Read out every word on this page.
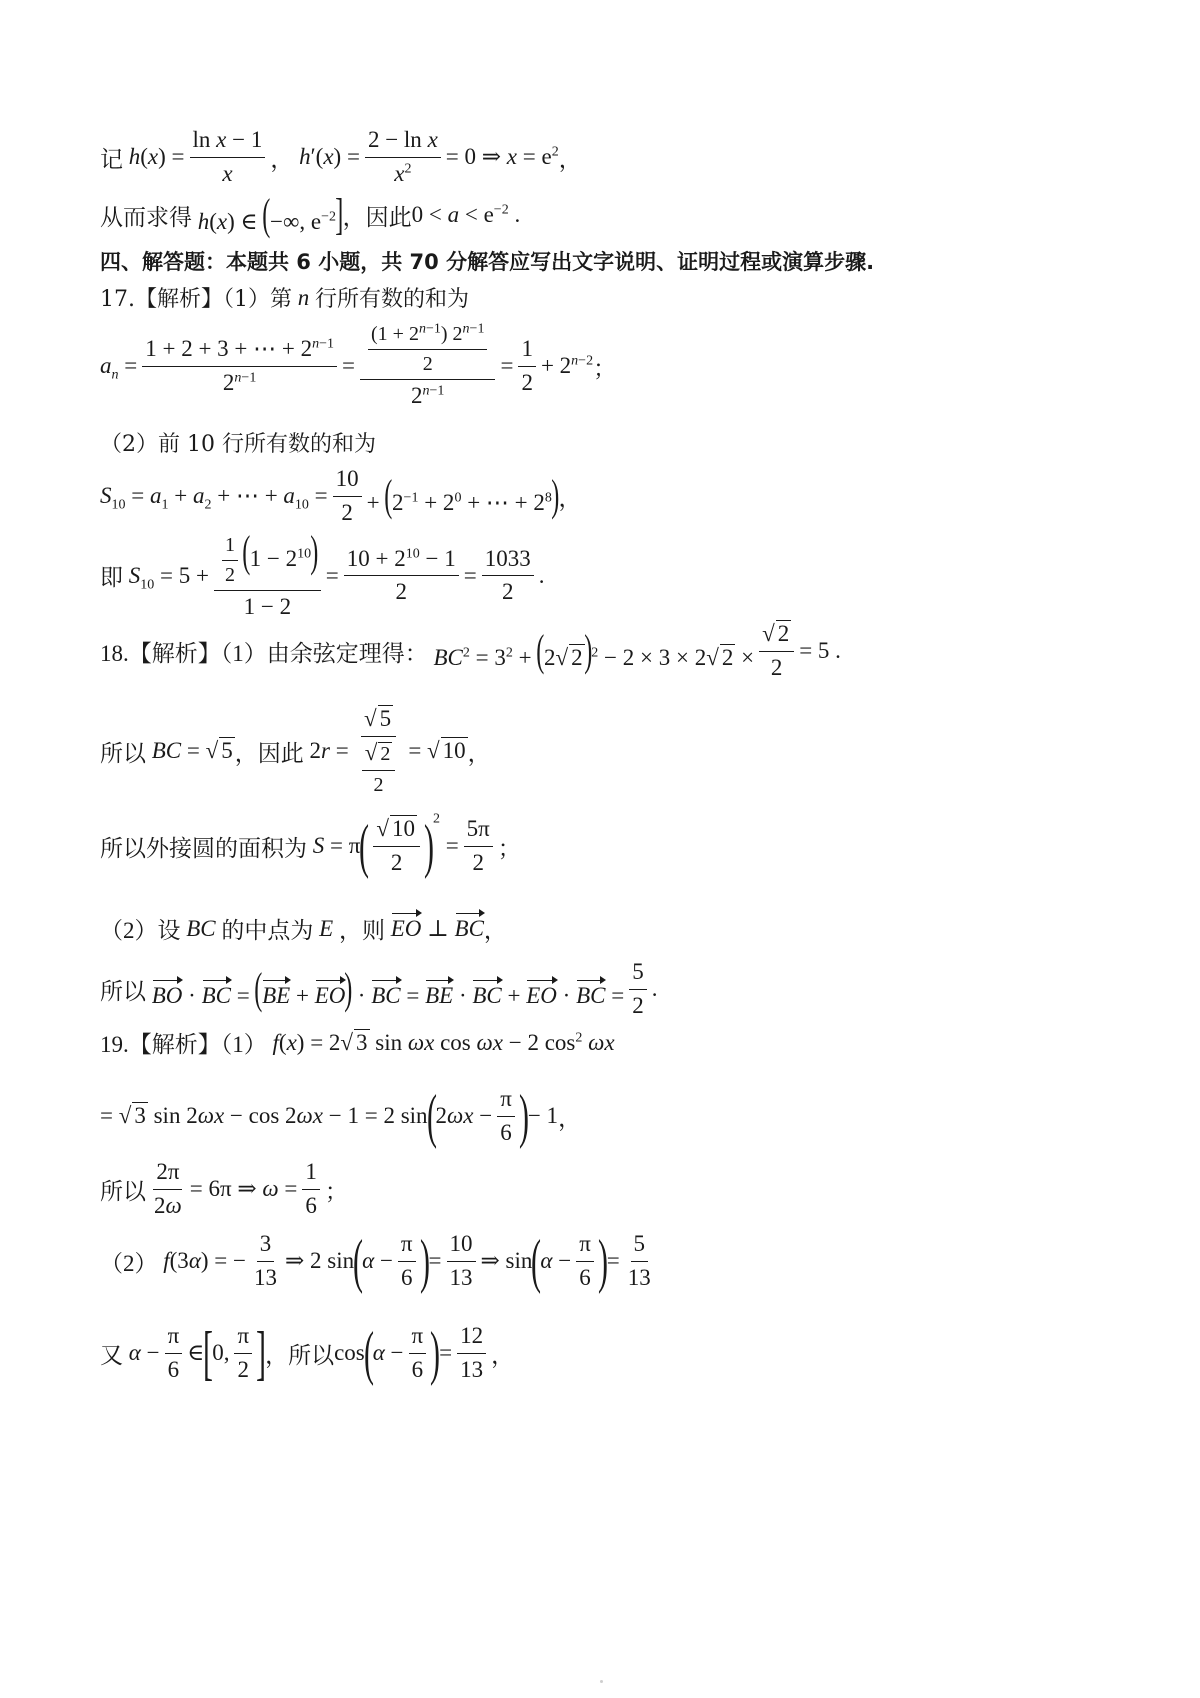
记 $h(x) = \frac{\text{ln x − 1}}{x}$ ， $h'(x) = \frac{\text{2 − ln x}}{x^2} = 0$ ⇒ $x = e^2$ ，
从而求得 h(x) ∈ (−∞, $e^{-2}$] ， 因此 $0 < a < e^{-2}$ .
四、解答题：本题共 6 小题，共 70 分解答应写出文字说明、证明过程或演算步骤.
17.【解析】（1）第 n 行所有数的和为
$a_n = \frac{1 + 2 + 3 + \cdots + 2^{n-1}}{2^{n-1}} = \frac{\frac{(1 + 2^{n-1}) 2^{n-1}}{2}}{2^{n-1}} = \frac{1}{2} + 2^{n-2}$ ；
（2）前 10 行所有数的和为
$S_{10} = a_1 + a_2$ + ⋯ + $a_{10} = \frac{10}{2} + (2^{-1} + 2^0$ + ⋯ + $2^8$) ，
即 $S_{10} = 5 + \frac{\frac{1}{2} (1 - 2^{10})}{1 - 2} = \frac{10 + 2^{10} - 1}{2} = \frac{1033}{2}$ .
18.【解析】（1）由余弦定理得： $BC^2 = 3^2 + (2√$ 2)$^2$ − 2 × 3 × 2√ $2 \times \frac{√ 2}{2} = 5$ .
所以 BC = √ 5 ， 因此 $2r = \frac{√ 5}{\frac{√ 2}{2}}$ = √ 10 ，
所以外接圆的面积为 S = π
( $\frac{√ 10}{2}$ )
$^2$
= $\frac{5\pi}{2}$ ；
（2）设 BC 的中点为 E ，则 EO ⊥ BC ，
所以 BO · BC = (BE + EO) · BC = BE · BC + EO · BC = $\frac{5}{2}$ .
19.【解析】（1） f(x) = 2√ 3 sin ωx cos ωx − 2 $\cos^2 \omega x$
= √ 3 sin 2ωx − cos 2ωx − 1 = 2 sin
(
$2\omega x - \frac{\pi}{6}$ )
− 1 ，
所以 $\frac{2\pi}{2\omega} = 6\pi$ ⇒ $\omega = \frac{1}{6}$ ；
（2） f(3α) = − $\frac{3}{13}$ ⇒ 2 sin
(
$\alpha - \frac{\pi}{6}$ )
= $\frac{10}{13}$ ⇒ sin
(
$\alpha - \frac{\pi}{6}$ )
= $\frac{5}{13}$
又 $\alpha - \frac{\pi}{6}$ ∈
[
0, $\frac{\pi}{2}$ ]
，所以 cos
(
$\alpha - \frac{\pi}{6}$ )
= $\frac{12}{13}$ ，
